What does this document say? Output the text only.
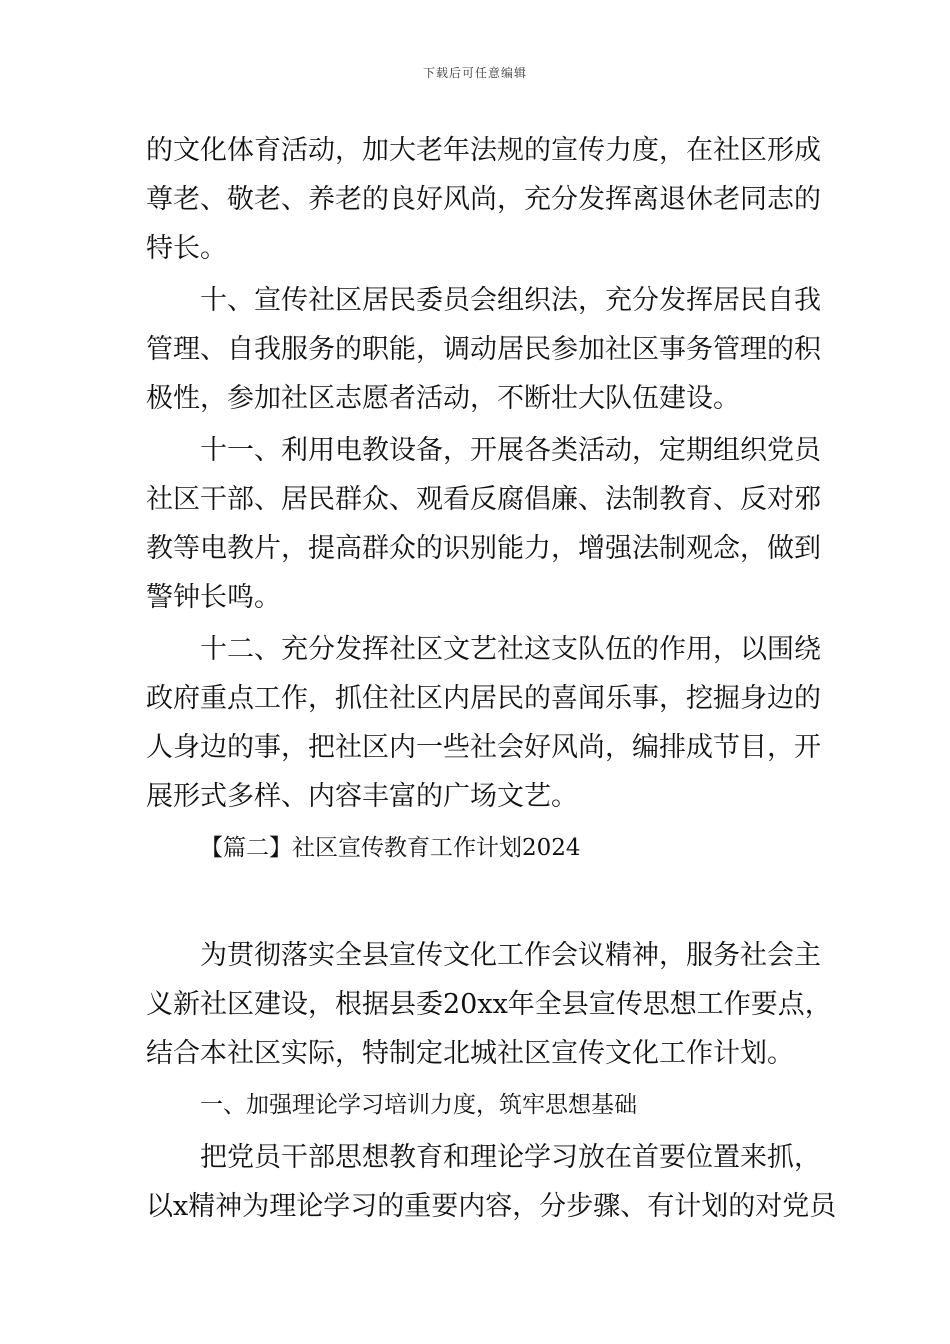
下载后可任意编辑
的文化体育活动，加大老年法规的宣传力度，在社区形成
尊老、敬老、养老的良好风尚，充分发挥离退休老同志的
特长。
十、宣传社区居民委员会组织法，充分发挥居民自我
管理、自我服务的职能，调动居民参加社区事务管理的积
极性，参加社区志愿者活动，不断壮大队伍建设。
十一、利用电教设备，开展各类活动，定期组织党员
社区干部、居民群众、观看反腐倡廉、法制教育、反对邪
教等电教片，提高群众的识别能力，增强法制观念，做到
警钟长鸣。
十二、充分发挥社区文艺社这支队伍的作用，以围绕
政府重点工作，抓住社区内居民的喜闻乐事，挖掘身边的
人身边的事，把社区内一些社会好风尚，编排成节目，开
展形式多样、内容丰富的广场文艺。
【篇二】社区宣传教育工作计划2024
为贯彻落实全县宣传文化工作会议精神，服务社会主
义新社区建设，根据县委20xx年全县宣传思想工作要点，
结合本社区实际，特制定北城社区宣传文化工作计划。
一、加强理论学习培训力度，筑牢思想基础
把党员干部思想教育和理论学习放在首要位置来抓，
以x精神为理论学习的重要内容，分步骤、有计划的对党员
